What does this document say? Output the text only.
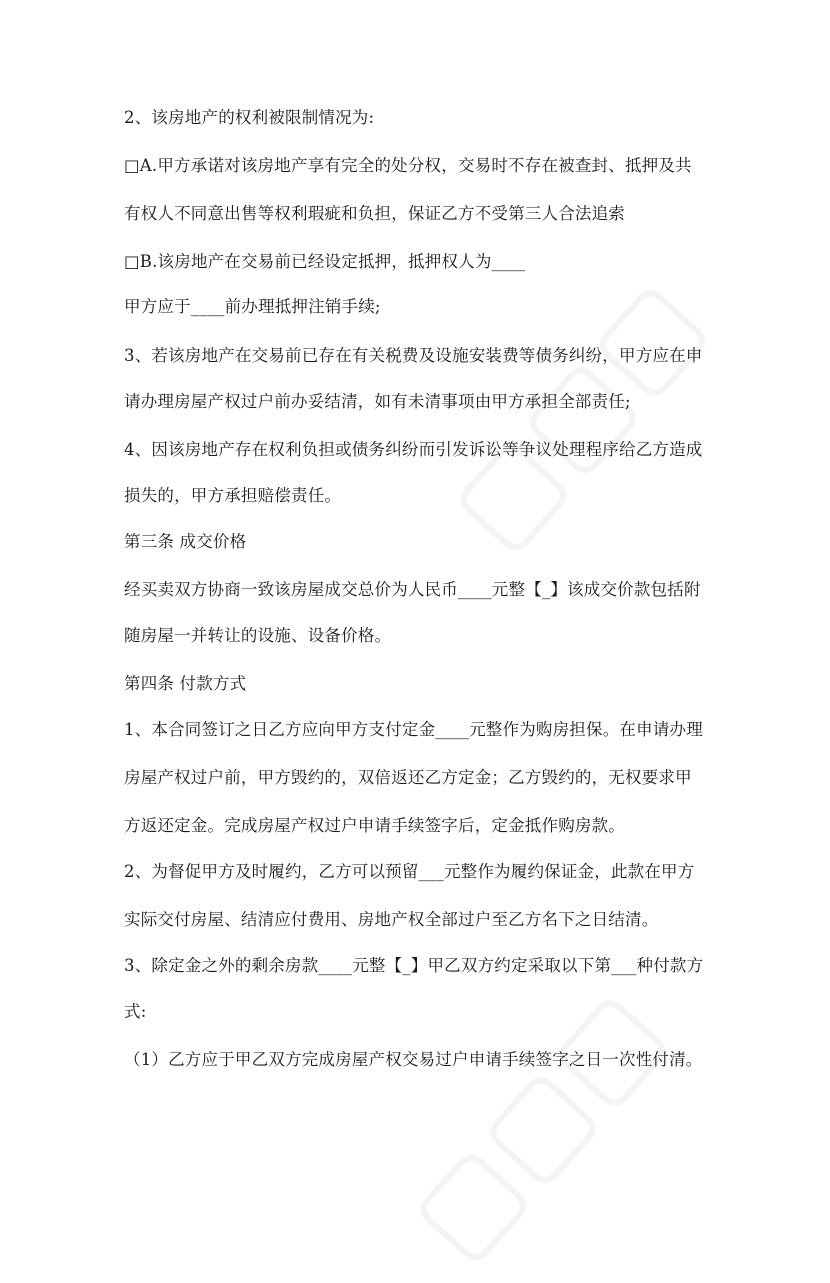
2、该房地产的权利被限制情况为:
□A.甲方承诺对该房地产享有完全的处分权，交易时不存在被查封、抵押及共
有权人不同意出售等权利瑕疵和负担，保证乙方不受第三人合法追索
□B.该房地产在交易前已经设定抵押，抵押权人为____
甲方应于____前办理抵押注销手续;
3、若该房地产在交易前已存在有关税费及设施安装费等债务纠纷，甲方应在申
请办理房屋产权过户前办妥结清，如有未清事项由甲方承担全部责任;
4、因该房地产存在权利负担或债务纠纷而引发诉讼等争议处理程序给乙方造成
损失的，甲方承担赔偿责任。
第三条 成交价格
经买卖双方协商一致该房屋成交总价为人民币____元整【_】该成交价款包括附
随房屋一并转让的设施、设备价格。
第四条 付款方式
1、本合同签订之日乙方应向甲方支付定金____元整作为购房担保。在申请办理
房屋产权过户前，甲方毁约的，双倍返还乙方定金；乙方毁约的，无权要求甲
方返还定金。完成房屋产权过户申请手续签字后，定金抵作购房款。
2、为督促甲方及时履约，乙方可以预留___元整作为履约保证金，此款在甲方
实际交付房屋、结清应付费用、房地产权全部过户至乙方名下之日结清。
3、除定金之外的剩余房款____元整【_】甲乙双方约定采取以下第___种付款方
式:
（1）乙方应于甲乙双方完成房屋产权交易过户申请手续签字之日一次性付清。
